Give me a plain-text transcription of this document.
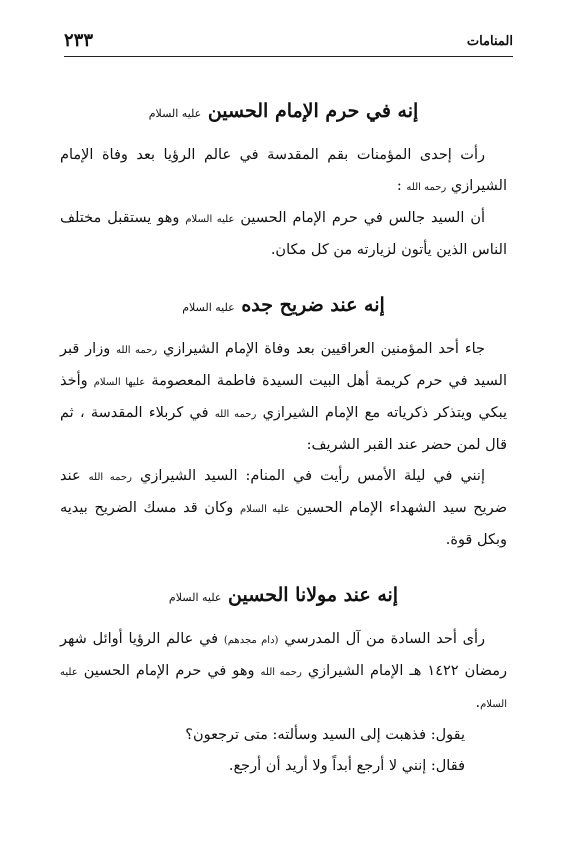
المنامات
٢٣٣
إنه في حرم الإمام الحسين عليه السلام

رأت إحدى المؤمنات بقم المقدسة في عالم الرؤيا بعد وفاة الإمام الشيرازي رحمه الله :

أن السيد جالس في حرم الإمام الحسين عليه السلام وهو يستقبل مختلف الناس الذين يأتون لزيارته من كل مكان.

إنه عند ضريح جده عليه السلام

جاء أحد المؤمنين العراقيين بعد وفاة الإمام الشيرازي رحمه الله وزار قبر السيد في حرم كريمة أهل البيت السيدة فاطمة المعصومة عليها السلام وأخذ يبكي ويتذكر ذكرياته مع الإمام الشيرازي رحمه الله في كربلاء المقدسة ، ثم قال لمن حضر عند القبر الشريف:

إنني في ليلة الأمس رأيت في المنام: السيد الشيرازي رحمه الله عند ضريح سيد الشهداء الإمام الحسين عليه السلام وكان قد مسك الضريح بيديه وبكل قوة.

إنه عند مولانا الحسين عليه السلام

رأى أحد السادة من آل المدرسي (دام مجدهم) في عالم الرؤيا أوائل شهر رمضان ١٤٢٢ هـ الإمام الشيرازي رحمه الله وهو في حرم الإمام الحسين عليه السلام.

يقول: فذهبت إلى السيد وسألته: متى ترجعون؟

فقال: إنني لا أرجع أبداً ولا أريد أن أرجع.
